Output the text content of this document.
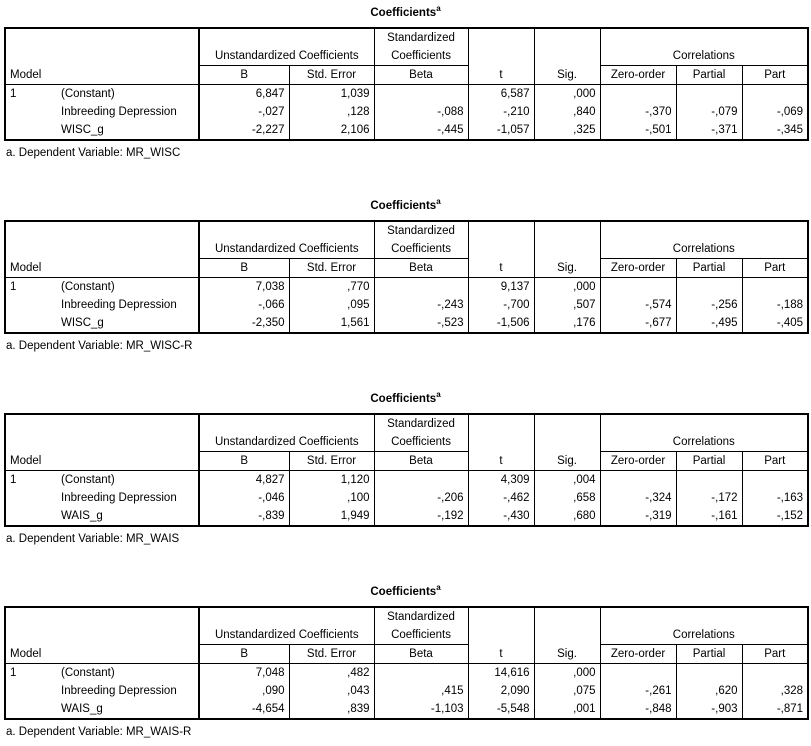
Coefficients$^a$
Model		Unstandardized Coefficients		Standardized
Coefficients	t	Sig.	Correlations		
		B	Std. Error	Beta			Zero-order	Partial	Part
1	(Constant)	6,847	1,039		6,587	,000			
	Inbreeding Depression	-,027	,128	-,088	-,210	,840	-,370	-,079	-,069
	WISC_g	-2,227	2,106	-,445	-1,057	,325	-,501	-,371	-,345
a. Dependent Variable: MR_WISC
Coefficients$^a$
Model		Unstandardized Coefficients		Standardized
Coefficients	t	Sig.	Correlations		
		B	Std. Error	Beta			Zero-order	Partial	Part
1	(Constant)	7,038	,770		9,137	,000			
	Inbreeding Depression	-,066	,095	-,243	-,700	,507	-,574	-,256	-,188
	WISC_g	-2,350	1,561	-,523	-1,506	,176	-,677	-,495	-,405
a. Dependent Variable: MR_WISC-R
Coefficients$^a$
Model		Unstandardized Coefficients		Standardized
Coefficients	t	Sig.	Correlations		
		B	Std. Error	Beta			Zero-order	Partial	Part
1	(Constant)	4,827	1,120		4,309	,004			
	Inbreeding Depression	-,046	,100	-,206	-,462	,658	-,324	-,172	-,163
	WAIS_g	-,839	1,949	-,192	-,430	,680	-,319	-,161	-,152
a. Dependent Variable: MR_WAIS
Coefficients$^a$
Model		Unstandardized Coefficients		Standardized
Coefficients	t	Sig.	Correlations		
		B	Std. Error	Beta			Zero-order	Partial	Part
1	(Constant)	7,048	,482		14,616	,000			
	Inbreeding Depression	,090	,043	,415	2,090	,075	-,261	,620	,328
	WAIS_g	-4,654	,839	-1,103	-5,548	,001	-,848	-,903	-,871
a. Dependent Variable: MR_WAIS-R
